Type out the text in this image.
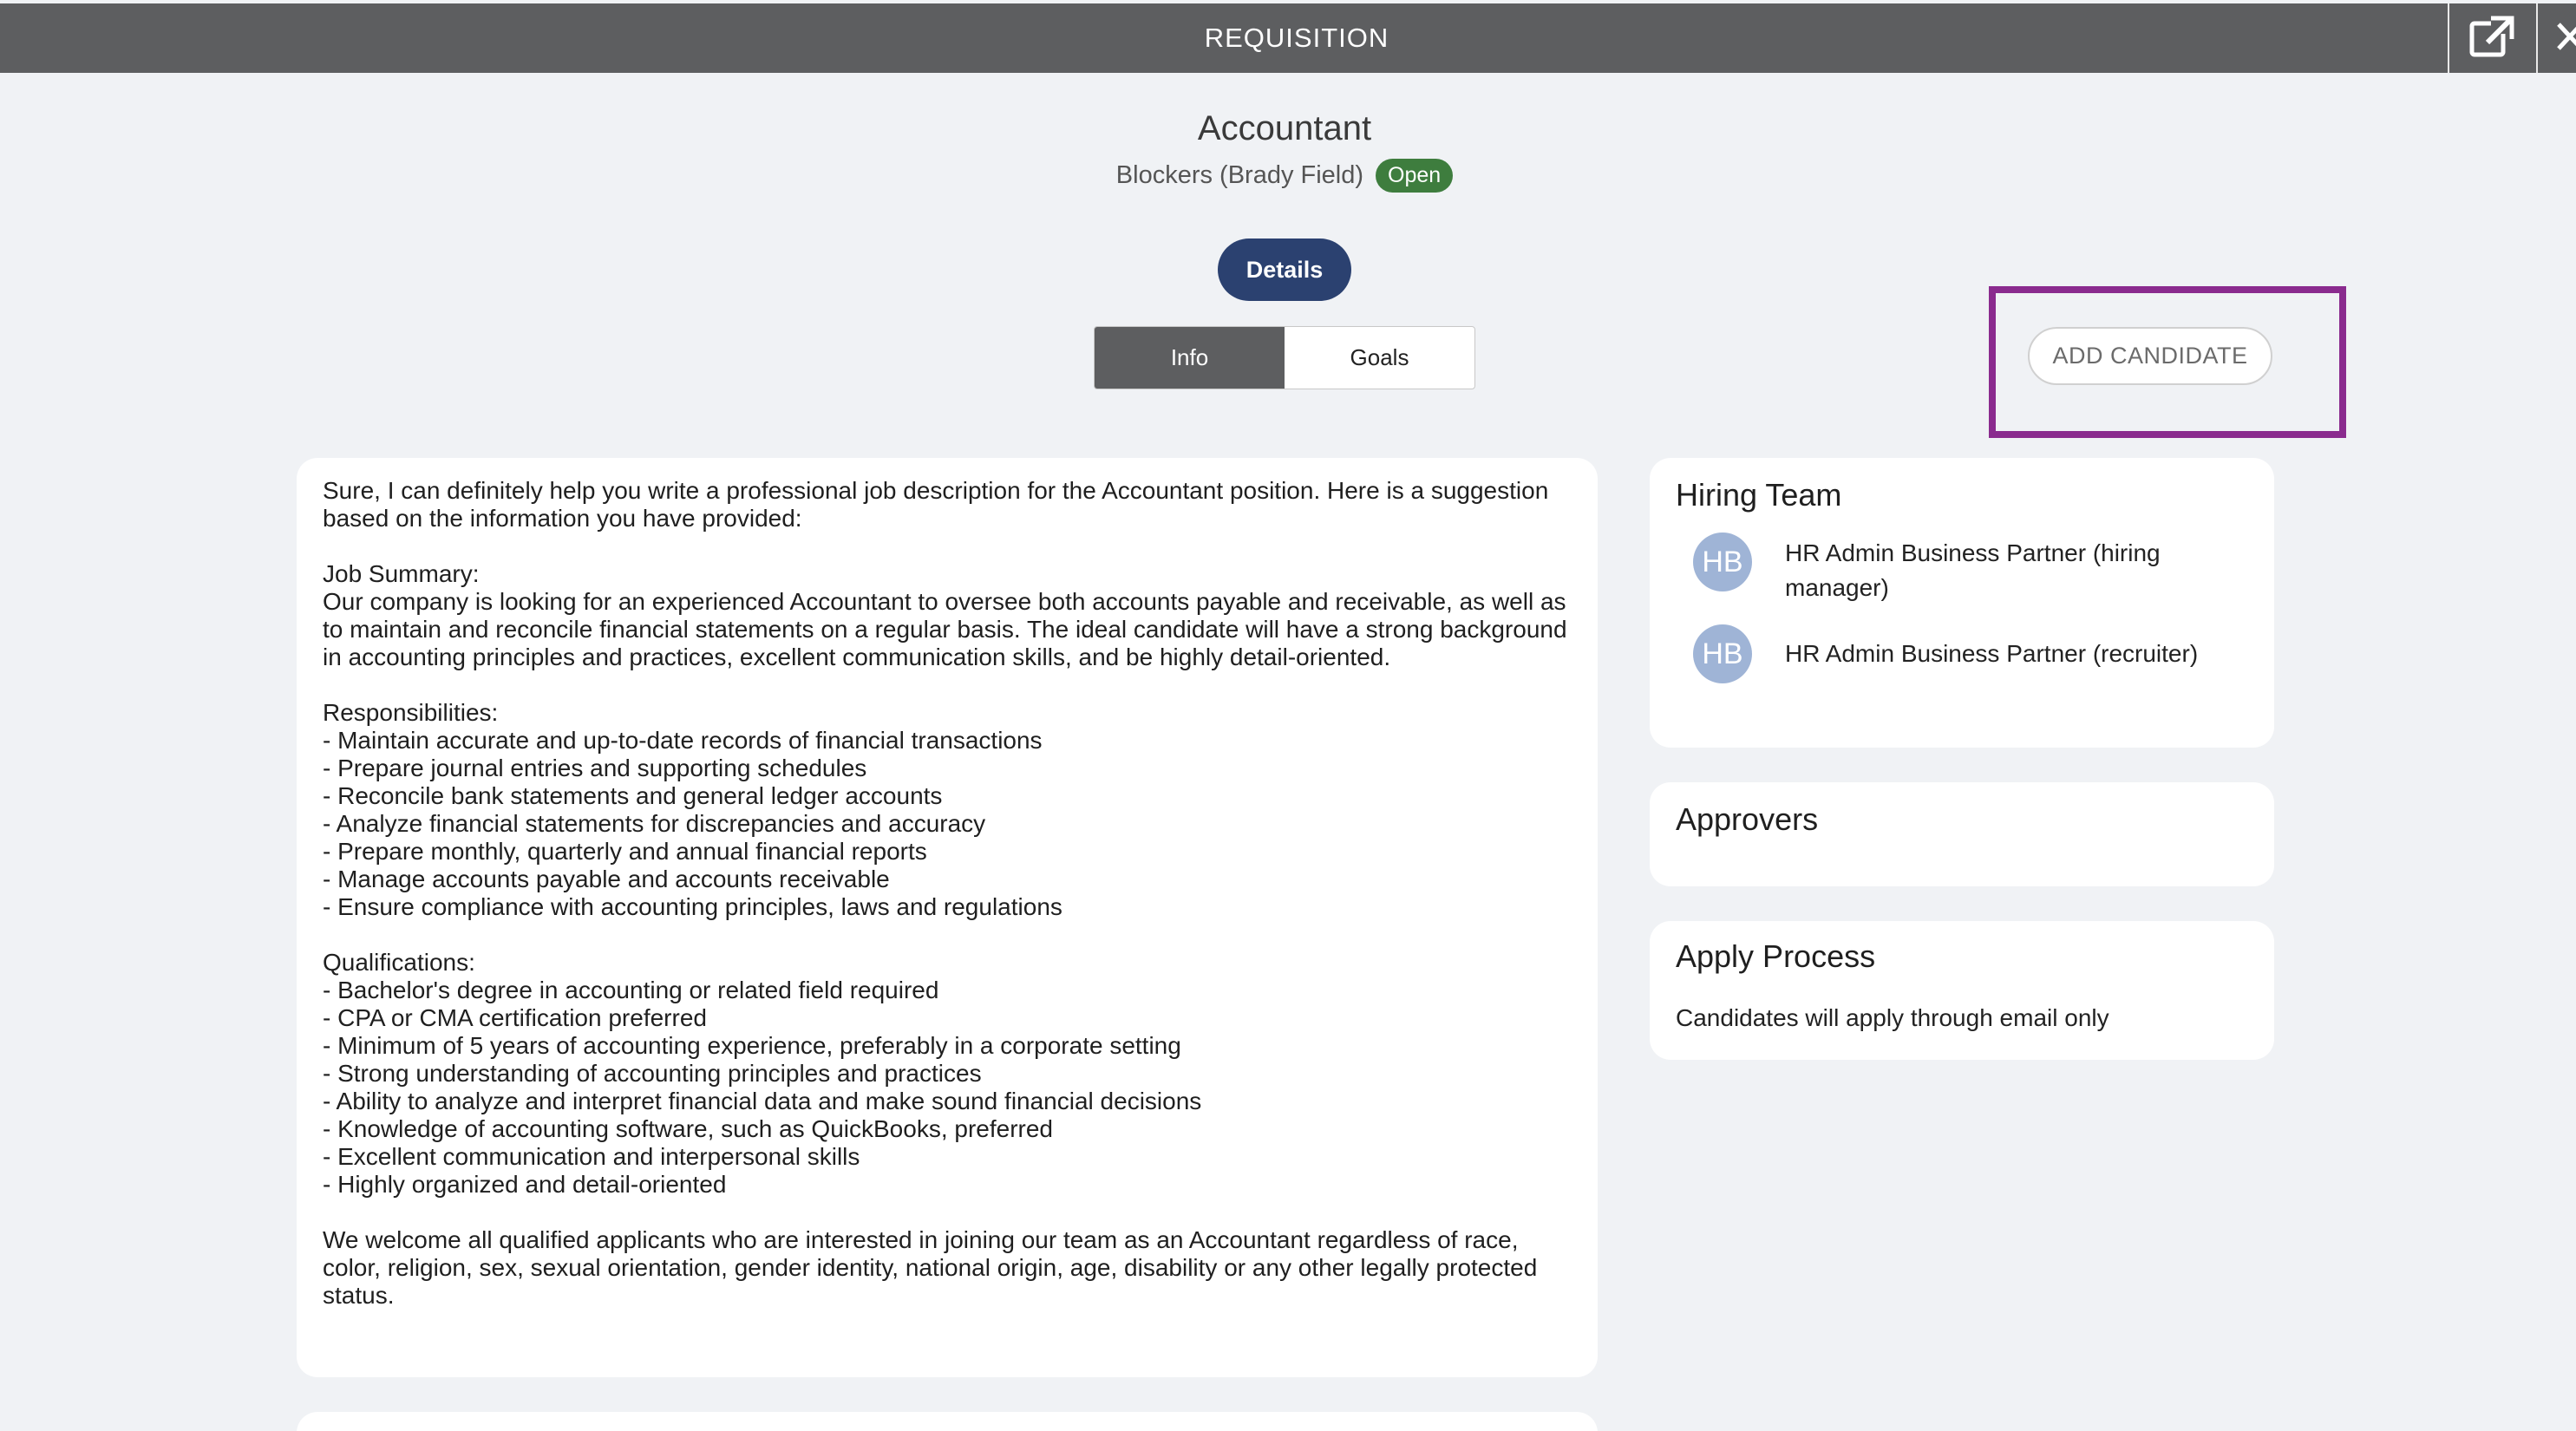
REQUISITION
Accountant
Blockers (Brady Field)	Open
Details
Info	Goals	ADD CANDIDATE
Sure, I can definitely help you write a professional job description for the Accountant position. Here is a suggestion based on the information you have provided:

Job Summary:
Our company is looking for an experienced Accountant to oversee both accounts payable and receivable, as well as to maintain and reconcile financial statements on a regular basis. The ideal candidate will have a strong background in accounting principles and practices, excellent communication skills, and be highly detail-oriented.

Responsibilities:
- Maintain accurate and up-to-date records of financial transactions
- Prepare journal entries and supporting schedules
- Reconcile bank statements and general ledger accounts
- Analyze financial statements for discrepancies and accuracy
- Prepare monthly, quarterly and annual financial reports
- Manage accounts payable and accounts receivable
- Ensure compliance with accounting principles, laws and regulations

Qualifications:
- Bachelor's degree in accounting or related field required
- CPA or CMA certification preferred
- Minimum of 5 years of accounting experience, preferably in a corporate setting
- Strong understanding of accounting principles and practices
- Ability to analyze and interpret financial data and make sound financial decisions
- Knowledge of accounting software, such as QuickBooks, preferred
- Excellent communication and interpersonal skills
- Highly organized and detail-oriented

We welcome all qualified applicants who are interested in joining our team as an Accountant regardless of race, color, religion, sex, sexual orientation, gender identity, national origin, age, disability or any other legally protected status.
Hiring Team
HB	HR Admin Business Partner (hiring manager)
HB	HR Admin Business Partner (recruiter)
Approvers
Apply Process
Candidates will apply through email only
